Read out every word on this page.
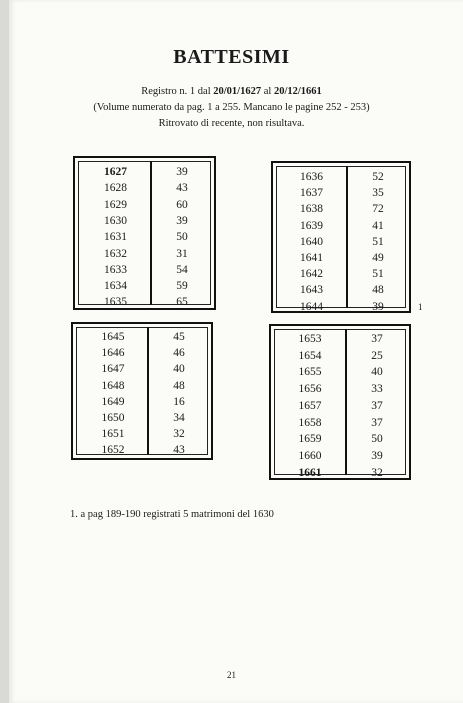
BATTESIMI
Registro n. 1 dal 20/01/1627 al 20/12/1661
(Volume numerato da pag. 1 a 255. Mancano le pagine 252 - 253)
Ritrovato di recente, non risultava.
1627	39
1628	43
1629	60
1630	39
1631	50
1632	31
1633	54
1634	59
1635	65
1636	52
1637	35
1638	72
1639	41
1640	51
1641	49
1642	51
1643	48
1644	39
1645	45
1646	46
1647	40
1648	48
1649	16
1650	34
1651	32
1652	43
1653	37
1654	25
1655	40
1656	33
1657	37
1658	37
1659	50
1660	39
1661	32
1
1. a pag 189-190 registrati 5 matrimoni del 1630
21
